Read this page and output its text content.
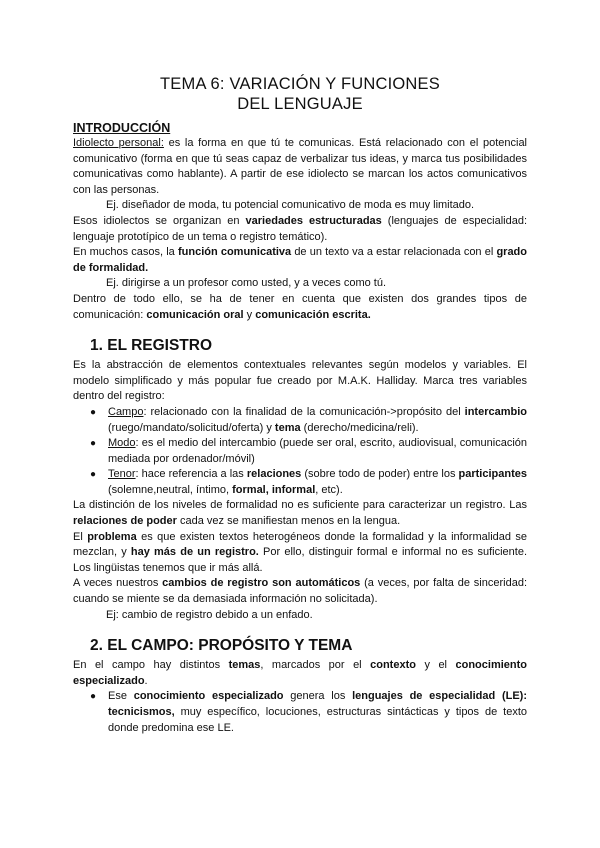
TEMA 6: VARIACIÓN Y FUNCIONES
DEL LENGUAJE
INTRODUCCIÓN

Idiolecto personal: es la forma en que tú te comunicas. Está relacionado con el potencial comunicativo (forma en que tú seas capaz de verbalizar tus ideas, y marca tus posibilidades comunicativas como hablante). A partir de ese idiolecto se marcan los actos comunicativos con las personas.

Ej. diseñador de moda, tu potencial comunicativo de moda es muy limitado.

Esos idiolectos se organizan en variedades estructuradas (lenguajes de especialidad: lenguaje prototípico de un tema o registro temático).

En muchos casos, la función comunicativa de un texto va a estar relacionada con el grado de formalidad.

Ej. dirigirse a un profesor como usted, y a veces como tú.

Dentro de todo ello, se ha de tener en cuenta que existen dos grandes tipos de comunicación: comunicación oral y comunicación escrita.

1. EL REGISTRO

Es la abstracción de elementos contextuales relevantes según modelos y variables. El modelo simplificado y más popular fue creado por M.A.K. Halliday. Marca tres variables dentro del registro:

● Campo: relacionado con la finalidad de la comunicación->propósito del intercambio (ruego/mandato/solicitud/oferta) y tema (derecho/medicina/reli).
● Modo: es el medio del intercambio (puede ser oral, escrito, audiovisual, comunicación mediada por ordenador/móvil)
● Tenor: hace referencia a las relaciones (sobre todo de poder) entre los participantes (solemne,neutral, íntimo, formal, informal, etc).

La distinción de los niveles de formalidad no es suficiente para caracterizar un registro. Las relaciones de poder cada vez se manifiestan menos en la lengua.

El problema es que existen textos heterogéneos donde la formalidad y la informalidad se mezclan, y hay más de un registro. Por ello, distinguir formal e informal no es suficiente. Los lingüistas tenemos que ir más allá.

A veces nuestros cambios de registro son automáticos (a veces, por falta de sinceridad: cuando se miente se da demasiada información no solicitada).

Ej: cambio de registro debido a un enfado.

2. EL CAMPO: PROPÓSITO Y TEMA

En el campo hay distintos temas, marcados por el contexto y el conocimiento especializado.

● Ese conocimiento especializado genera los lenguajes de especialidad (LE): tecnicismos, muy específico, locuciones, estructuras sintácticas y tipos de texto donde predomina ese LE.
